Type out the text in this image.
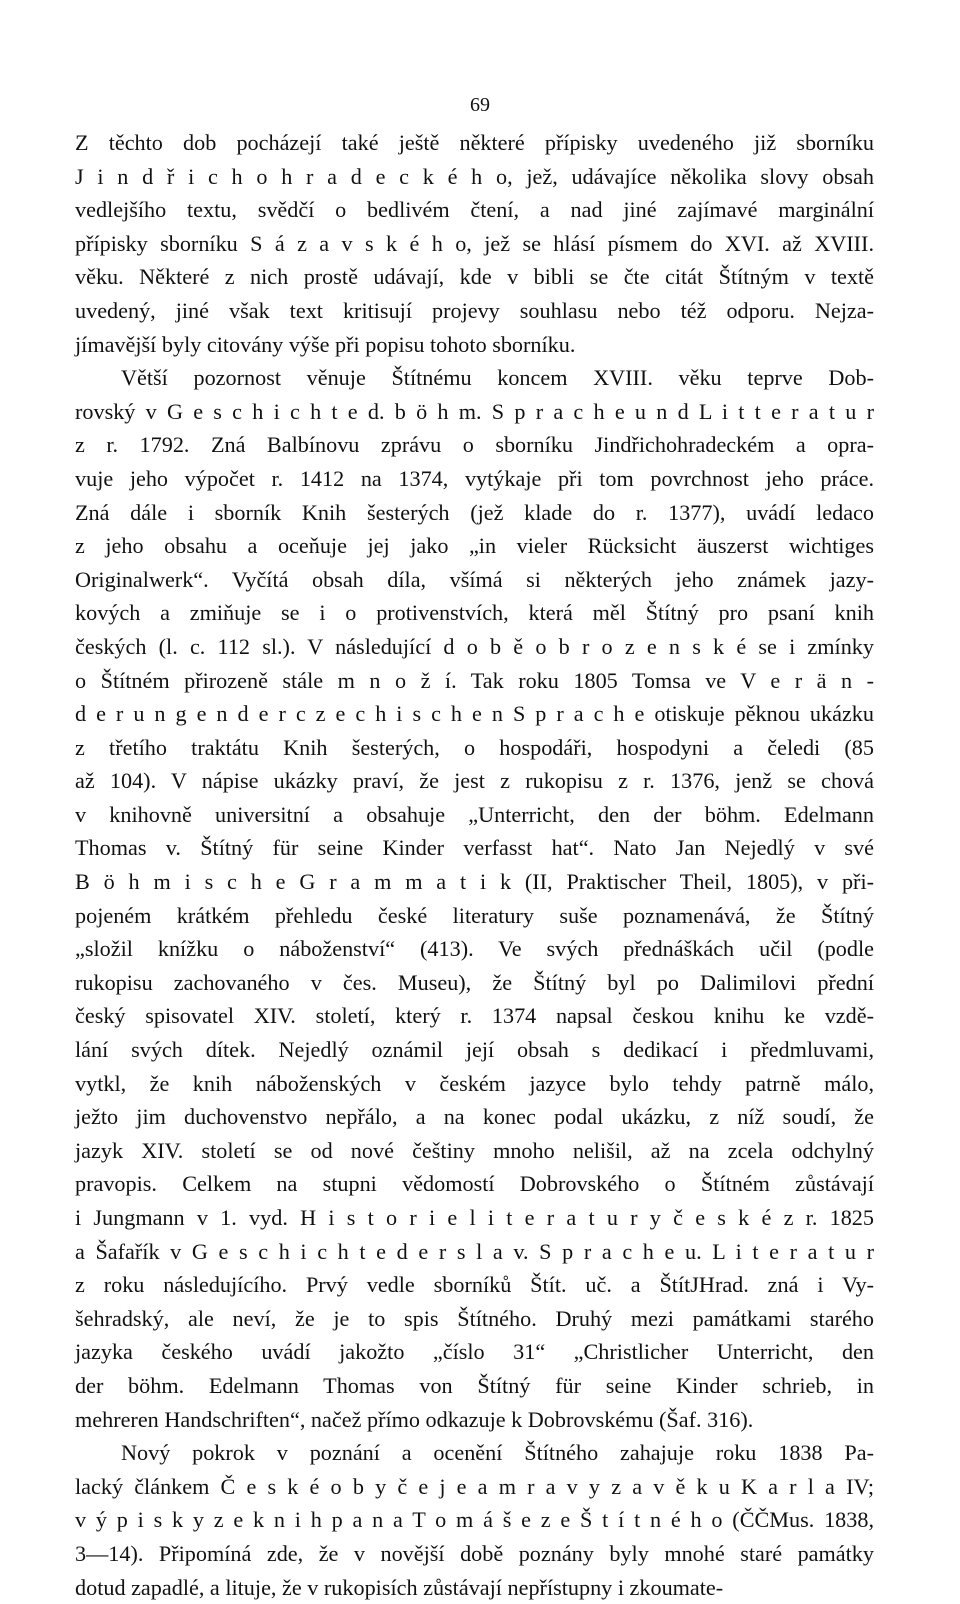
69
Z těchto dob pocházejí také ještě některé přípisky uvedeného již sborníku
J i n d ř i c h o h r a d e c k é h o, jež, udávajíce několika slovy obsah
vedlejšího textu, svědčí o bedlivém čtení, a nad jiné zajímavé marginální
přípisky sborníku S á z a v s k é h o, jež se hlásí písmem do XVI. až XVIII.
věku. Některé z nich prostě udávají, kde v bibli se čte citát Štítným v textě
uvedený, jiné však text kritisují projevy souhlasu nebo též odporu. Nejza-
jímavější byly citovány výše při popisu tohoto sborníku.
Větší pozornost věnuje Štítnému koncem XVIII. věku teprve Dob-
rovský v G e s c h i c h t e d. b ö h m. S p r a c h e u n d L i t t e r a t u r
z r. 1792. Zná Balbínovu zprávu o sborníku Jindřichohradeckém a opra-
vuje jeho výpočet r. 1412 na 1374, vytýkaje při tom povrchnost jeho práce.
Zná dále i sborník Knih šesterých (jež klade do r. 1377), uvádí ledaco
z jeho obsahu a oceňuje jej jako „in vieler Rücksicht äuszerst wichtiges
Originalwerk“. Vyčítá obsah díla, všímá si některých jeho známek jazy-
kových a zmiňuje se i o protivenstvích, která měl Štítný pro psaní knih
českých (l. c. 112 sl.). V následující d o b ě o b r o z e n s k é se i zmínky
o Štítném přirozeně stále m n o ž í. Tak roku 1805 Tomsa ve V e r ä n -
d e r u n g e n d e r c z e c h i s c h e n S p r a c h e otiskuje pěknou ukázku
z třetího traktátu Knih šesterých, o hospodáři, hospodyni a čeledi (85
až 104). V nápise ukázky praví, že jest z rukopisu z r. 1376, jenž se chová
v knihovně universitní a obsahuje „Unterricht, den der böhm. Edelmann
Thomas v. Štítný für seine Kinder verfasst hat“. Nato Jan Nejedlý v své
B ö h m i s c h e G r a m m a t i k (II, Praktischer Theil, 1805), v při-
pojeném krátkém přehledu české literatury suše poznamenává, že Štítný
„složil knížku o náboženství“ (413). Ve svých přednáškách učil (podle
rukopisu zachovaného v čes. Museu), že Štítný byl po Dalimilovi přední
český spisovatel XIV. století, který r. 1374 napsal českou knihu ke vzdě-
lání svých dítek. Nejedlý oznámil její obsah s dedikací i předmluvami,
vytkl, že knih náboženských v českém jazyce bylo tehdy patrně málo,
ježto jim duchovenstvo nepřálo, a na konec podal ukázku, z níž soudí, že
jazyk XIV. století se od nové češtiny mnoho nelišil, až na zcela odchylný
pravopis. Celkem na stupni vědomostí Dobrovského o Štítném zůstávají
i Jungmann v 1. vyd. H i s t o r i e l i t e r a t u r y č e s k é z r. 1825
a Šafařík v G e s c h i c h t e d e r s l a v. S p r a c h e u. L i t e r a t u r
z roku následujícího. Prvý vedle sborníků Štít. uč. a ŠtítJHrad. zná i Vy-
šehradský, ale neví, že je to spis Štítného. Druhý mezi památkami starého
jazyka českého uvádí jakožto „číslo 31“ „Christlicher Unterricht, den
der böhm. Edelmann Thomas von Štítný für seine Kinder schrieb, in
mehreren Handschriften“, načež přímo odkazuje k Dobrovskému (Šaf. 316).
Nový pokrok v poznání a ocenění Štítného zahajuje roku 1838 Pa-
lacký článkem Č e s k é o b y č e j e a m r a v y z a v ě k u K a r l a IV;
v ý p i s k y z e k n i h p a n a T o m á š e z e Š t í t n é h o (ČČMus. 1838,
3—14). Připomíná zde, že v novější době poznány byly mnohé staré památky
dotud zapadlé, a lituje, že v rukopisích zůstávají nepřístupny i zkoumate-
